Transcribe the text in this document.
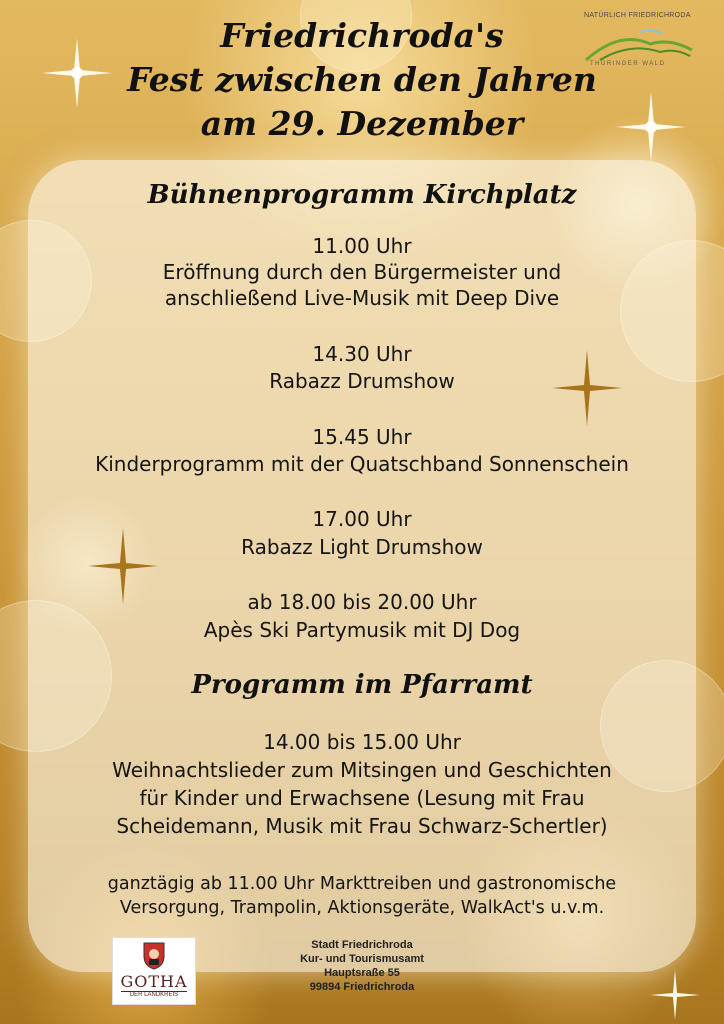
NATÜRLICH FRIEDRICHRODA
THÜRINGER WALD
Friedrichroda's
Fest zwischen den Jahren
am 29. Dezember
Bühnenprogramm Kirchplatz
11.00 Uhr
Eröffnung durch den Bürgermeister und
anschließend Live-Musik mit Deep Dive
14.30 Uhr
Rabazz Drumshow
15.45 Uhr
Kinderprogramm mit der Quatschband Sonnenschein
17.00 Uhr
Rabazz Light Drumshow
ab 18.00 bis 20.00 Uhr
Apès Ski Partymusik mit DJ Dog
Programm im Pfarramt
14.00 bis 15.00 Uhr
Weihnachtslieder zum Mitsingen und Geschichten
für Kinder und Erwachsene (Lesung mit Frau
Scheidemann, Musik mit Frau Schwarz-Schertler)
ganztägig ab 11.00 Uhr Markttreiben und gastronomische
Versorgung, Trampolin, Aktionsgeräte, WalkAct's u.v.m.
GOTHA
DER LANDKREIS
Stadt Friedrichroda
Kur- und Tourismusamt
Hauptsraße 55
99894 Friedrichroda
